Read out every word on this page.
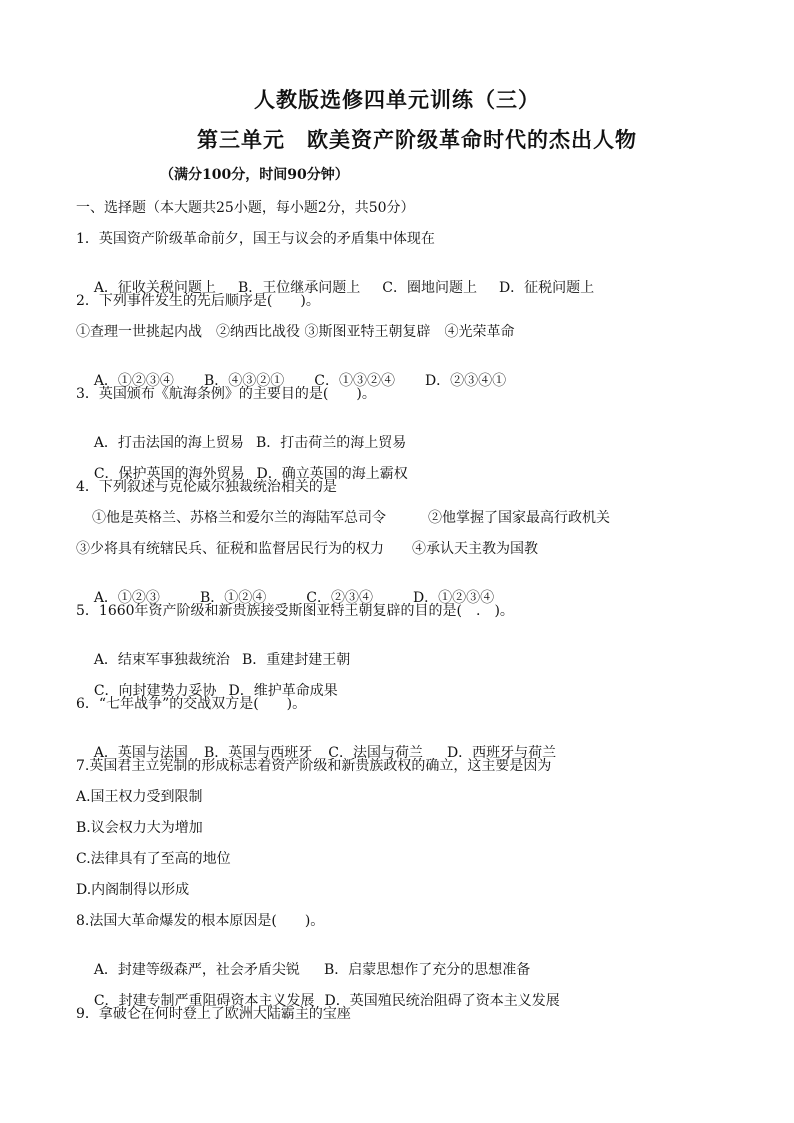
人教版选修四单元训练（三）
第三单元　欧美资产阶级革命时代的杰出人物
（满分100分，时间90分钟）
一、选择题（本大题共25小题，每小题2分，共50分）
1．英国资产阶级革命前夕，国王与议会的矛盾集中体现在

A．征收关税问题上 B．王位继承问题上 C．圈地问题上 D．征税问题上

2．下列事件发生的先后顺序是(　　)。
①查理一世挑起内战　②纳西比战役 ③斯图亚特王朝复辟　④光荣革命

A．①②③④ B．④③②① C．①③②④ D．②③④①

3．英国颁布《航海条例》的主要目的是(　　)。

A．打击法国的海上贸易 B．打击荷兰的海上贸易

C．保护英国的海外贸易 D．确立英国的海上霸权

4．下列叙述与克伦威尔独裁统治相关的是
①他是英格兰、苏格兰和爱尔兰的海陆军总司令　　　②他掌握了国家最高行政机关
③少将具有统辖民兵、征税和监督居民行为的权力　　④承认天主教为国教

A．①②③	B．①②④	C．②③④	D．①②③④

5．1660年资产阶级和新贵族接受斯图亚特王朝复辟的目的是(　.　)。

A．结束军事独裁统治 B．重建封建王朝

C．向封建势力妥协 D．维护革命成果

6．“七年战争”的交战双方是(　　)。

A．英国与法国 B．英国与西班牙 C．法国与荷兰 D．西班牙与荷兰

7.英国君主立宪制的形成标志着资产阶级和新贵族政权的确立，这主要是因为
A.国王权力受到限制
B.议会权力大为增加
C.法律具有了至高的地位
D.内阁制得以形成
8.法国大革命爆发的根本原因是(　　)。

A．封建等级森严，社会矛盾尖锐 B．启蒙思想作了充分的思想准备

C．封建专制严重阻碍资本主义发展 D．英国殖民统治阻碍了资本主义发展

9．拿破仑在何时登上了欧洲大陆霸主的宝座
